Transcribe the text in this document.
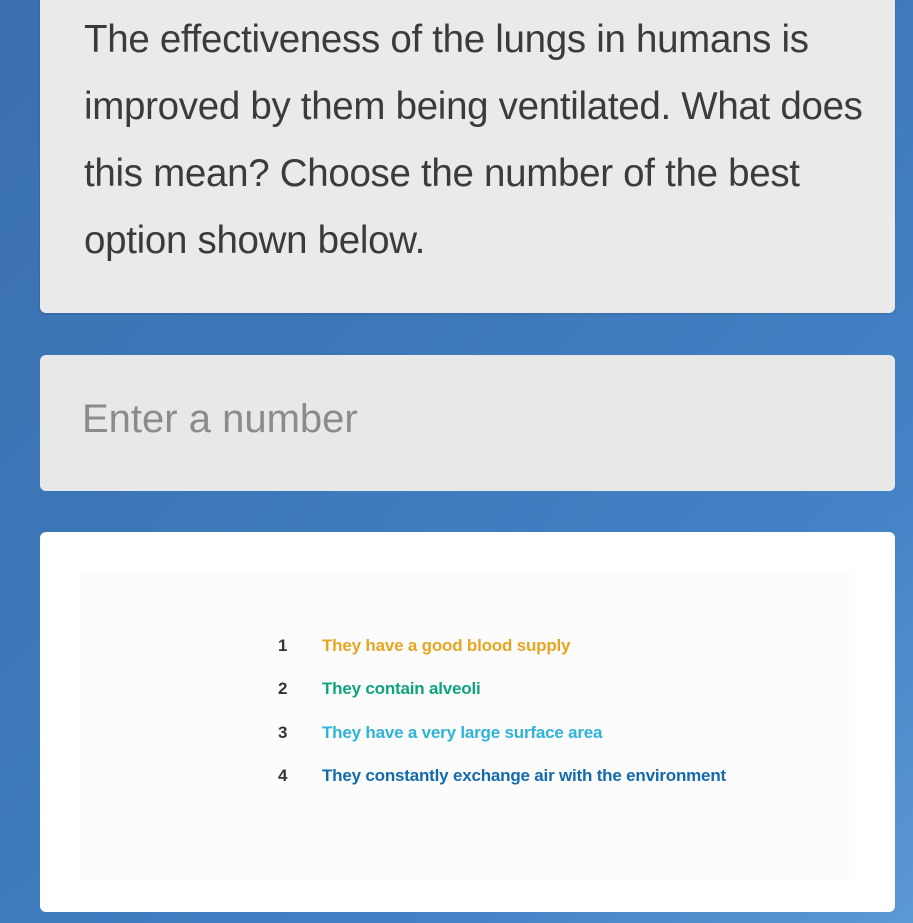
The effectiveness of the lungs in humans is improved by them being ventilated. What does this mean? Choose the number of the best option shown below.

Enter a number
1	They have a good blood supply
2	They contain alveoli
3	They have a very large surface area
4	They constantly exchange air with the environment
